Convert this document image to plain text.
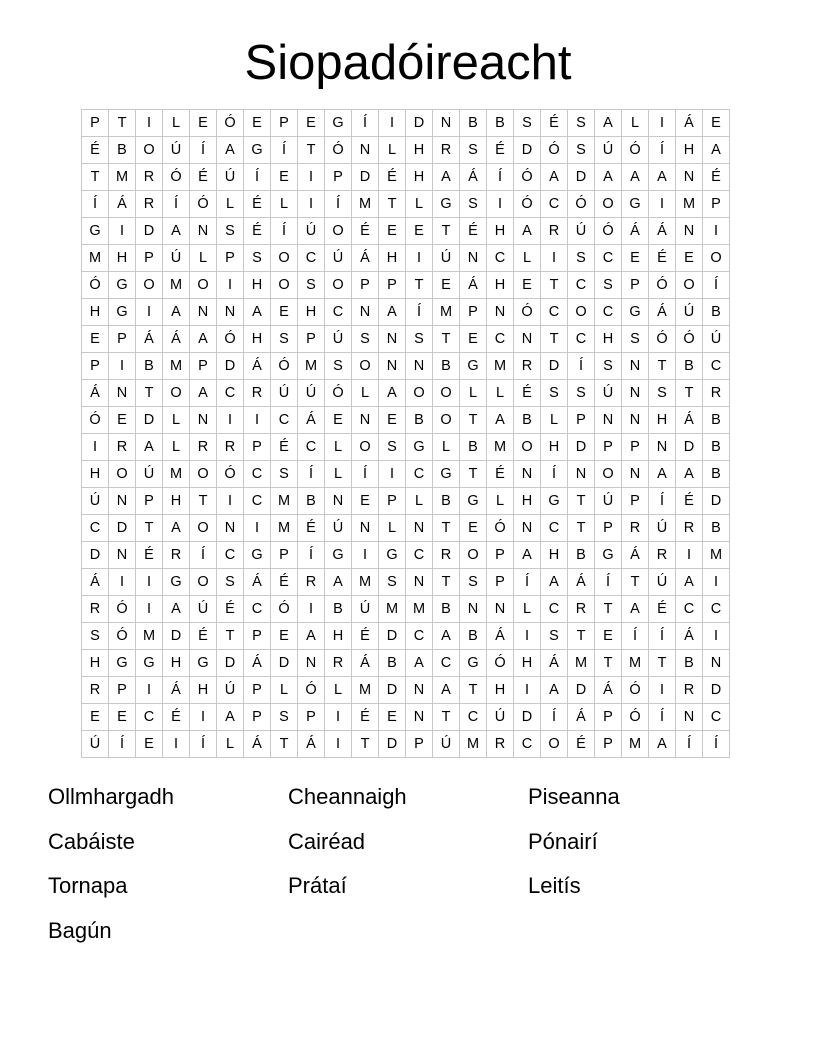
Siopadóireacht
P	T	I	L	E	Ó	E	P	E	G	Í	I	D	N	B	B	S	É	S	A	L	I	Á	E
É	B	O	Ú	Í	A	G	Í	T	Ó	N	L	H	R	S	É	D	Ó	S	Ú	Ó	Í	H	A
T	M	R	Ó	É	Ú	Í	E	I	P	D	É	H	A	Á	Í	Ó	A	D	A	A	A	N	É
Í	Á	R	Í	Ó	L	É	L	I	Í	M	T	L	G	S	I	Ó	C	Ó	O	G	I	M	P
G	I	D	A	N	S	É	Í	Ú	O	É	E	E	T	É	H	A	R	Ú	Ó	Á	Á	N	I
M	H	P	Ú	L	P	S	O	C	Ú	Á	H	I	Ú	N	C	L	I	S	C	E	É	E	O
Ó	G	O	M	O	I	H	O	S	O	P	P	T	E	Á	H	E	T	C	S	P	Ó	O	Í
H	G	I	A	N	N	A	E	H	C	N	A	Í	M	P	N	Ó	C	O	C	G	Á	Ú	B
E	P	Á	Á	A	Ó	H	S	P	Ú	S	N	S	T	E	C	N	T	C	H	S	Ó	Ó	Ú
P	I	B	M	P	D	Á	Ó	M	S	O	N	N	B	G	M	R	D	Í	S	N	T	B	C
Á	N	T	O	A	C	R	Ú	Ú	Ó	L	A	O	O	L	L	É	S	S	Ú	N	S	T	R
Ó	E	D	L	N	I	I	C	Á	E	N	E	B	O	T	A	B	L	P	N	N	H	Á	B
I	R	A	L	R	R	P	É	C	L	O	S	G	L	B	M	O	H	D	P	P	N	D	B
H	O	Ú	M	O	Ó	C	S	Í	L	Í	I	C	G	T	É	N	Í	N	O	N	A	A	B
Ú	N	P	H	T	I	C	M	B	N	E	P	L	B	G	L	H	G	T	Ú	P	Í	É	D
C	D	T	A	O	N	I	M	É	Ú	N	L	N	T	E	Ó	N	C	T	P	R	Ú	R	B
D	N	É	R	Í	C	G	P	Í	G	I	G	C	R	O	P	A	H	B	G	Á	R	I	M
Á	I	I	G	O	S	Á	É	R	A	M	S	N	T	S	P	Í	A	Á	Í	T	Ú	A	I
R	Ó	I	A	Ú	É	C	Ó	I	B	Ú	M	M	B	N	N	L	C	R	T	A	É	C	C
S	Ó	M	D	É	T	P	E	A	H	É	D	C	A	B	Á	I	S	T	E	Í	Í	Á	I
H	G	G	H	G	D	Á	D	N	R	Á	B	A	C	G	Ó	H	Á	M	T	M	T	B	N
R	P	I	Á	H	Ú	P	L	Ó	L	M	D	N	A	T	H	I	A	D	Á	Ó	I	R	D
E	E	C	É	I	A	P	S	P	I	É	E	N	T	C	Ú	D	Í	Á	P	Ó	Í	N	C
Ú	Í	E	I	Í	L	Á	T	Á	I	T	D	P	Ú	M	R	C	O	É	P	M	A	Í	Í
Ollmhargadh	Cheannaigh	Piseanna
Cabáiste	Cairéad	Pónairí
Tornapa	Prátaí	Leitís
Bagún
